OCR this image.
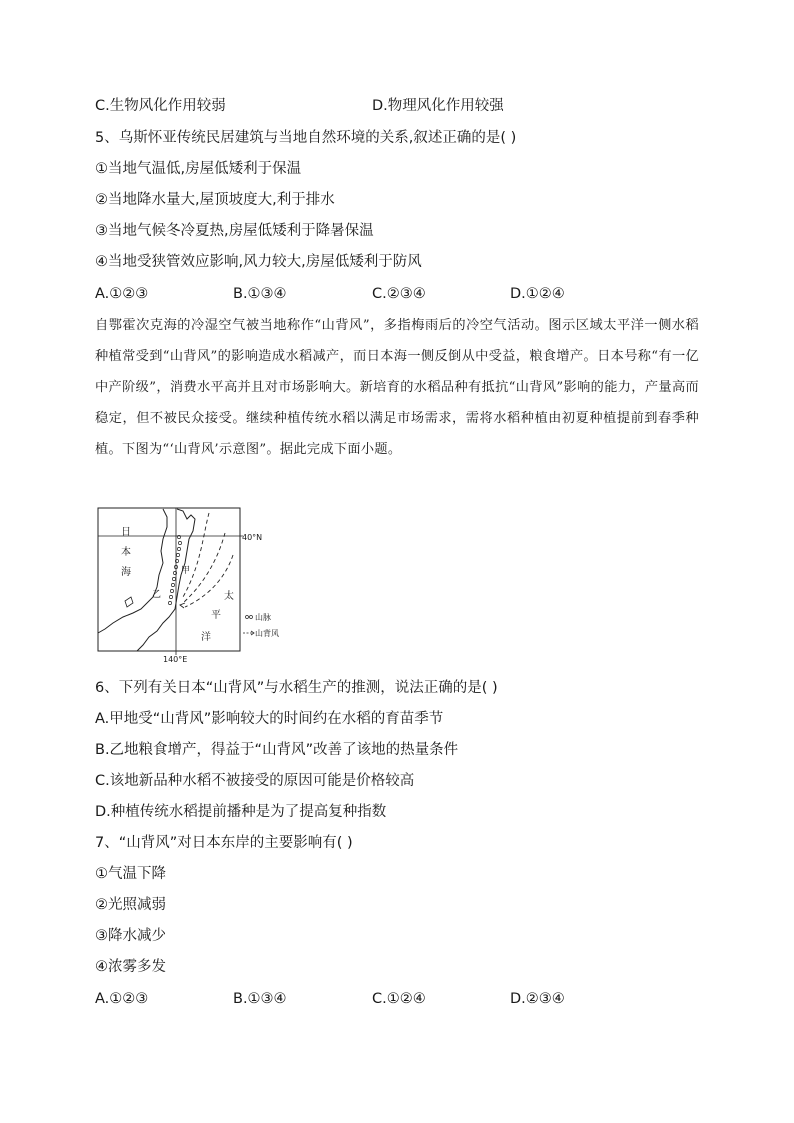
C.生物风化作用较弱	D.物理风化作用较强
5、乌斯怀亚传统民居建筑与当地自然环境的关系,叙述正确的是( )
①当地气温低,房屋低矮利于保温
②当地降水量大,屋顶坡度大,利于排水
③当地气候冬冷夏热,房屋低矮利于降暑保温
④当地受狭管效应影响,风力较大,房屋低矮利于防风
A.①②③	B.①③④	C.②③④	D.①②④
自鄂霍次克海的冷湿空气被当地称作“山背风”，多指梅雨后的冷空气活动。图示区域太平洋一侧水稻种植常受到“山背风”的影响造成水稻减产，而日本海一侧反倒从中受益，粮食增产。日本号称“有一亿中产阶级”，消费水平高并且对市场影响大。新培育的水稻品种有抵抗“山背风”影响的能力，产量高而稳定，但不被民众接受。继续种植传统水稻以满足市场需求，需将水稻种植由初夏种植提前到春季种植。下图为“‘山背风’示意图”。据此完成下面小题。
日
本
海
太
平
洋
甲
乙
40°N
140°E
山脉
山背风
6、下列有关日本“山背风”与水稻生产的推测，说法正确的是( )
A.甲地受“山背风”影响较大的时间约在水稻的育苗季节
B.乙地粮食增产，得益于“山背风”改善了该地的热量条件
C.该地新品种水稻不被接受的原因可能是价格较高
D.种植传统水稻提前播种是为了提高复种指数
7、“山背风”对日本东岸的主要影响有( )
①气温下降
②光照减弱
③降水减少
④浓雾多发
A.①②③	B.①③④	C.①②④	D.②③④
